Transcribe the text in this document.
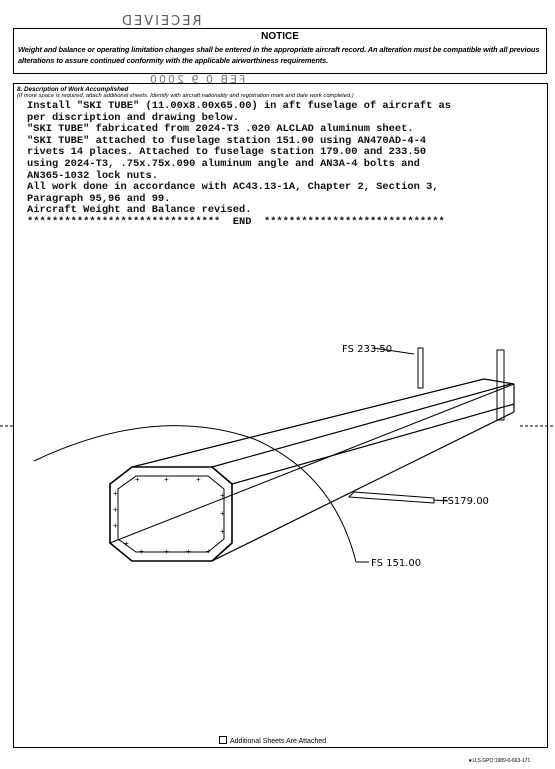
RECEIVED
NOTICE
Weight and balance or operating limitation changes shall be entered in the appropriate aircraft record. An alteration must be compatible with all previous alterations to assure continued conformity with the applicable airworthiness requirements.
FEB 0 9 2000
8. Description of Work Accomplished
(If more space is required, attach additional sheets. Identify with aircraft nationality and registration mark and date work completed.)
Install "SKI TUBE" (11.00x8.00x65.00) in aft fuselage of aircraft as
per discription and drawing below.
"SKI TUBE" fabricated from 2024-T3 .020 ALCLAD aluminum sheet.
"SKI TUBE" attached to fuselage station 151.00 using AN470AD-4-4
rivets 14 places. Attached to fuselage station 179.00 and 233.50
using 2024-T3, .75x.75x.090 aluminum angle and AN3A-4 bolts and
AN365-1032 lock nuts.
All work done in accordance with AC43.13-1A, Chapter 2, Section 3,
Paragraph 95,96 and 99.
Aircraft Weight and Balance revised.
*******************************  END  *****************************
+
+
+
+	+	+
+
+
+
+	+ + +
+
FS 233.50
FS179.00
FS 151.00
Additional Sheets Are Attached
★U.S.GPO:1989-0-663-171
